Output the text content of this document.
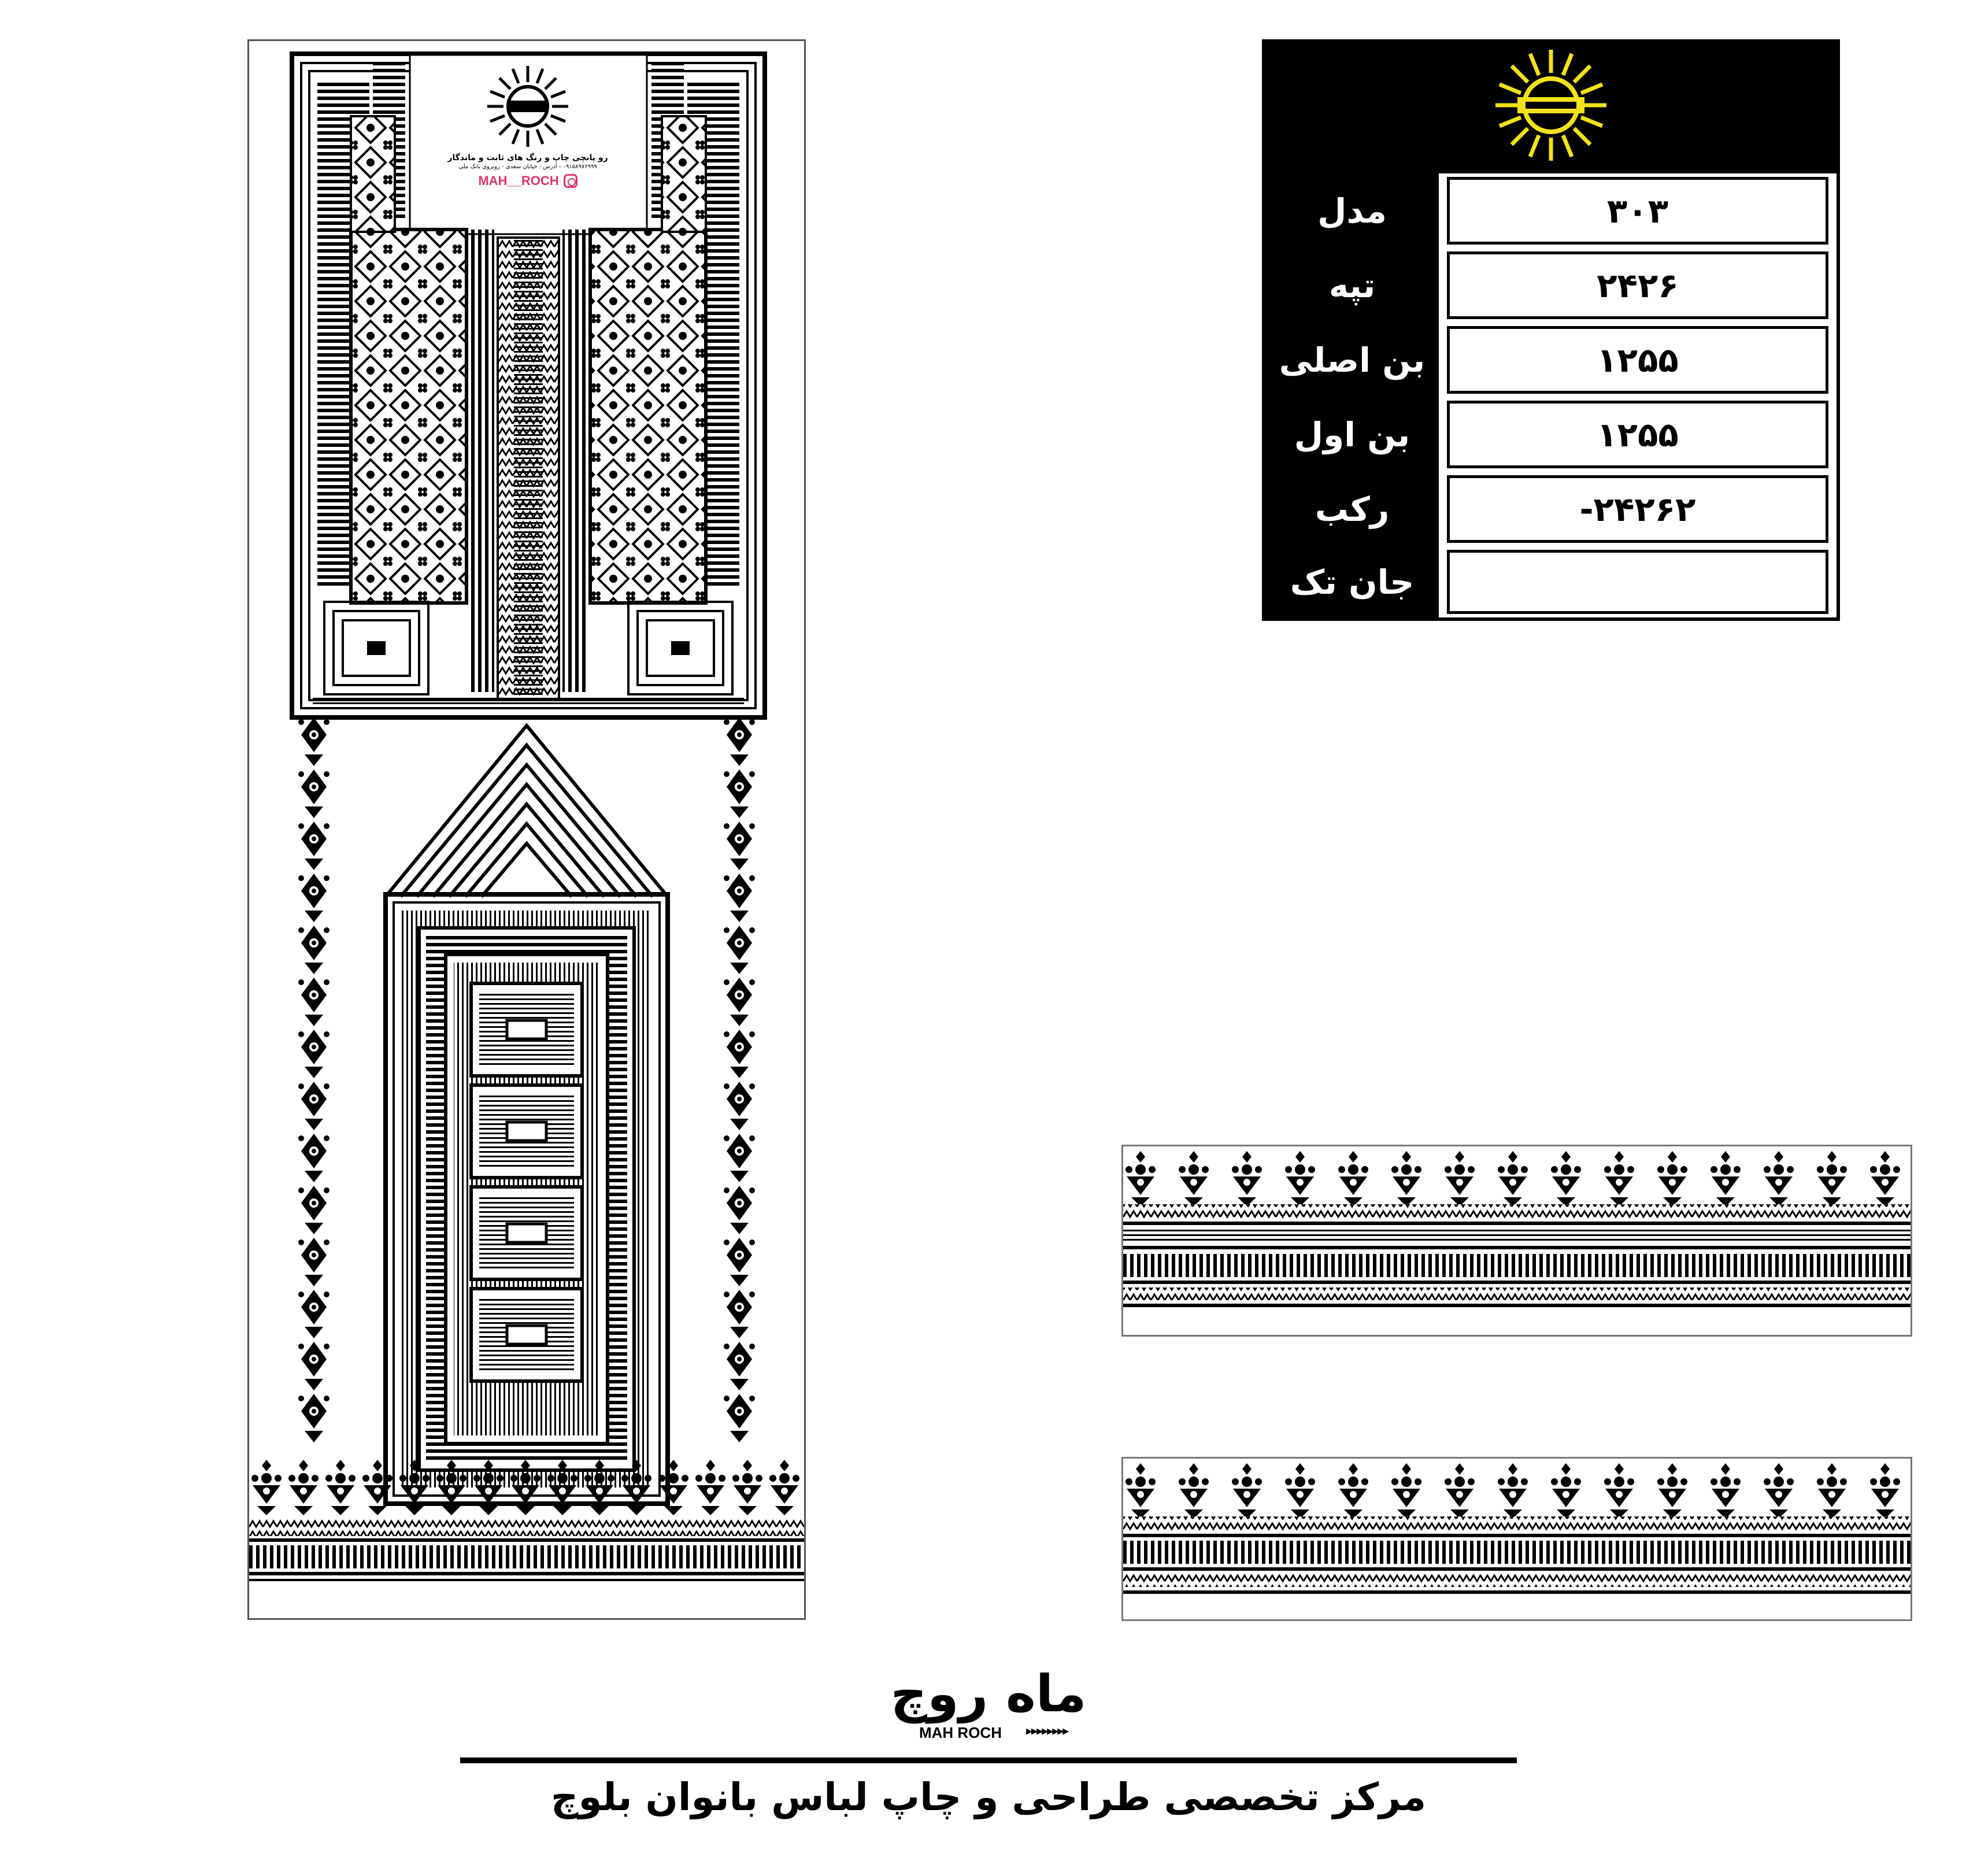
رو پانچی چاپ و رنگ های ثابت و ماندگار
۰۹۱۵۸۹۷۶۹۹۹ - آدرس : خیابان سعدی - روبروی بانک ملی
MAH__ROCH
مدل	۳۰۳
تپه	۲۴۲۶
بن اصلی	۱۲۵۵
بن اول	۱۲۵۵
رکب	۲۴۲۶۲-
جان تک
ماه روچ
MAH ROCH ▸▸▸▸▸▸▸▸
مرکز تخصصی طراحی و چاپ لباس بانوان بلوچ
